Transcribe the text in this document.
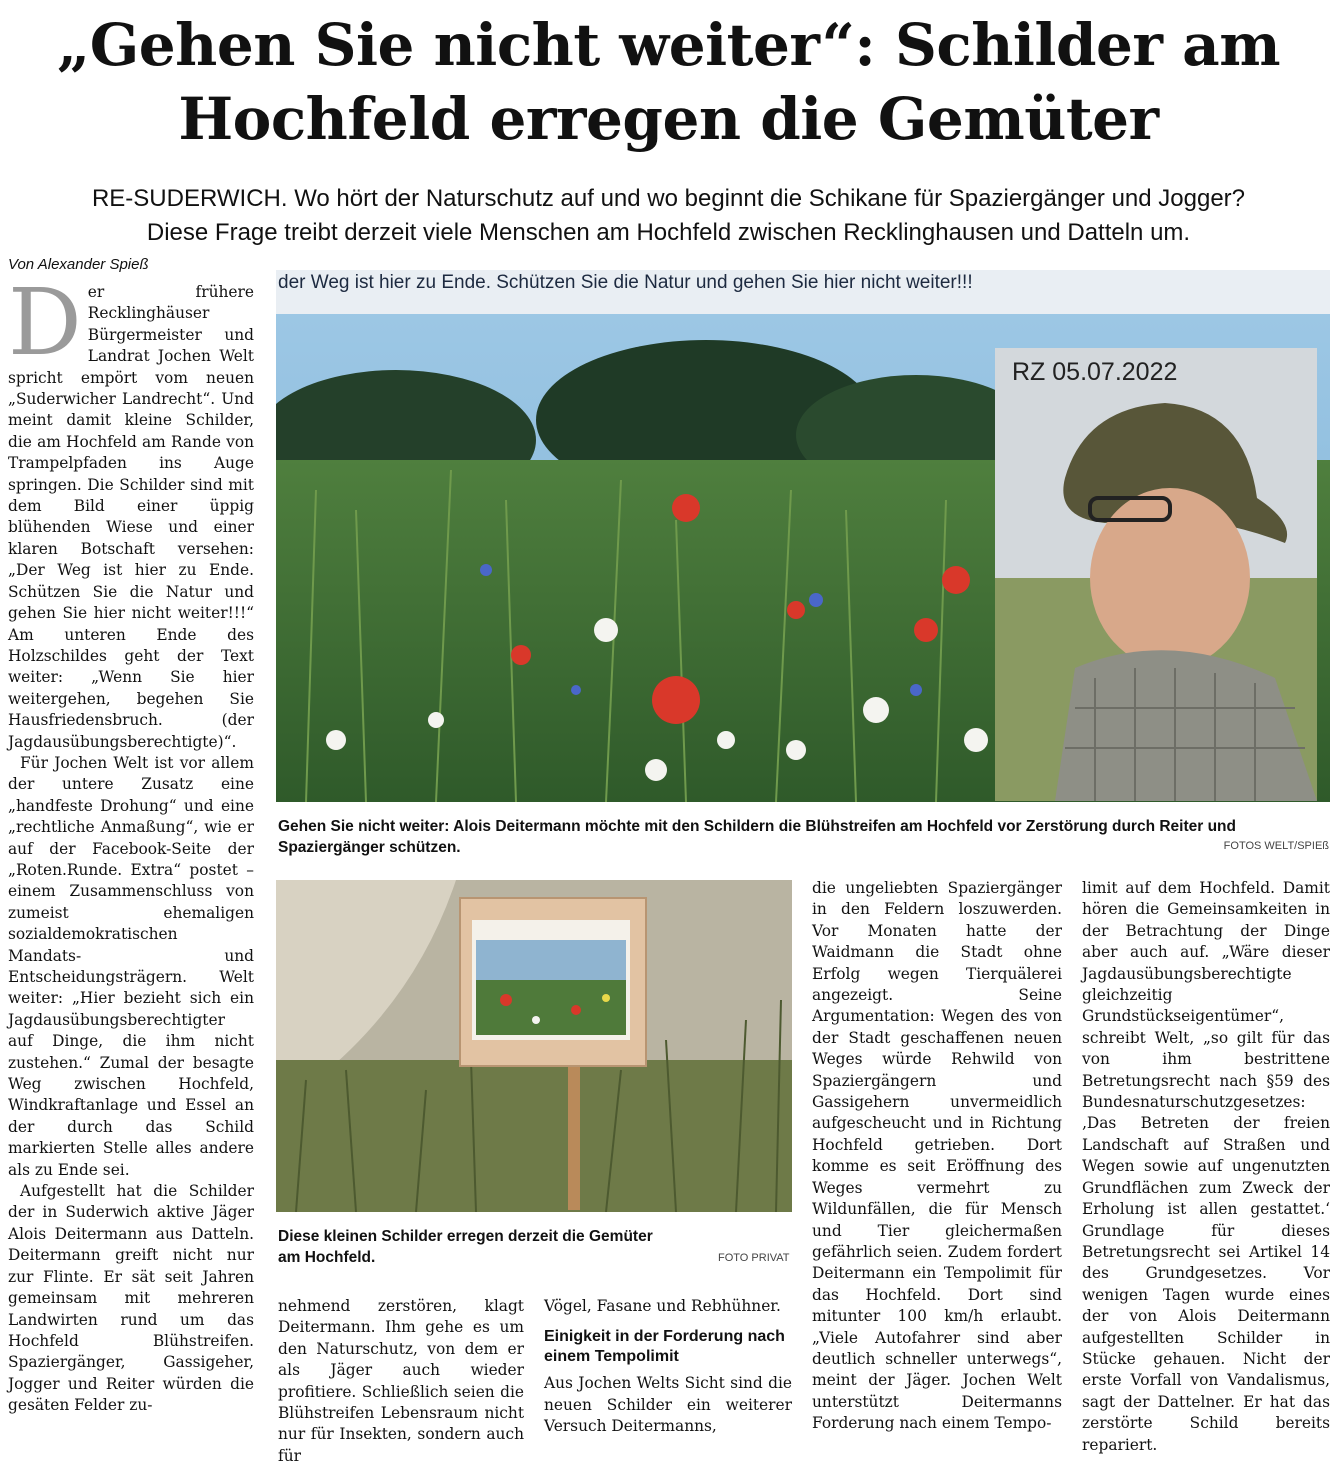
„Gehen Sie nicht weiter“: Schilder am
Hochfeld erregen die Gemüter
RE-SUDERWICH. Wo hört der Naturschutz auf und wo beginnt die Schikane für Spaziergänger und Jogger?
Diese Frage treibt derzeit viele Menschen am Hochfeld zwischen Recklinghausen und Datteln um.
Von Alexander Spieß
D er frühere Recklinghäuser Bürgermeister und Landrat Jochen Welt spricht empört vom neuen „Suderwicher Landrecht“. Und meint damit kleine Schilder, die am Hochfeld am Rande von Trampelpfaden ins Auge springen. Die Schilder sind mit dem Bild einer üppig blühenden Wiese und einer klaren Botschaft versehen: „Der Weg ist hier zu Ende. Schützen Sie die Natur und gehen Sie hier nicht weiter!!!“ Am unteren Ende des Holzschildes geht der Text weiter: „Wenn Sie hier weitergehen, begehen Sie Hausfriedensbruch. (der Jagdausübungsberechtigte)“.

Für Jochen Welt ist vor allem der untere Zusatz eine „handfeste Drohung“ und eine „rechtliche Anmaßung“, wie er auf der Facebook-Seite der „Roten.Runde. Extra“ postet – einem Zusammenschluss von zumeist ehemaligen sozialdemokratischen Mandats- und Entscheidungsträgern. Welt weiter: „Hier bezieht sich ein Jagdausübungsberechtigter auf Dinge, die ihm nicht zustehen.“ Zumal der besagte Weg zwischen Hochfeld, Windkraftanlage und Essel an der durch das Schild markierten Stelle alles andere als zu Ende sei.

Aufgestellt hat die Schilder der in Suderwich aktive Jäger Alois Deitermann aus Datteln. Deitermann greift nicht nur zur Flinte. Er sät seit Jahren gemeinsam mit mehreren Landwirten rund um das Hochfeld Blühstreifen. Spaziergänger, Gassigeher, Jogger und Reiter würden die gesäten Felder zu-

der Weg ist hier zu Ende. Schützen Sie die Natur und gehen Sie hier nicht weiter!!!
RZ 05.07.2022
Gehen Sie nicht weiter: Alois Deitermann möchte mit den Schildern die Blühstreifen am Hochfeld vor Zerstörung durch Reiter und Spaziergänger schützen.	FOTOS WELT/SPIEß
Diese kleinen Schilder erregen derzeit die Gemüter am Hochfeld.	FOTO PRIVAT

nehmend zerstören, klagt Deitermann. Ihm gehe es um den Naturschutz, von dem er als Jäger auch wieder profitiere. Schließlich seien die Blühstreifen Lebensraum nicht nur für Insekten, sondern auch für

Vögel, Fasane und Rebhühner.

Einigkeit in der Forderung nach einem Tempolimit

Aus Jochen Welts Sicht sind die neuen Schilder ein weiterer Versuch Deitermanns,

die ungeliebten Spaziergänger in den Feldern loszuwerden. Vor Monaten hatte der Waidmann die Stadt ohne Erfolg wegen Tierquälerei angezeigt. Seine Argumentation: Wegen des von der Stadt geschaffenen neuen Weges würde Rehwild von Spaziergängern und Gassigehern unvermeidlich aufgescheucht und in Richtung Hochfeld getrieben. Dort komme es seit Eröffnung des Weges vermehrt zu Wildunfällen, die für Mensch und Tier gleichermaßen gefährlich seien. Zudem fordert Deitermann ein Tempolimit für das Hochfeld. Dort sind mitunter 100 km/h erlaubt. „Viele Autofahrer sind aber deutlich schneller unterwegs“, meint der Jäger. Jochen Welt unterstützt Deitermanns Forderung nach einem Tempo-

limit auf dem Hochfeld. Damit hören die Gemeinsamkeiten in der Betrachtung der Dinge aber auch auf. „Wäre dieser Jagdausübungsberechtigte gleichzeitig Grundstückseigentümer“, schreibt Welt, „so gilt für das von ihm bestrittene Betretungsrecht nach §59 des Bundesnaturschutzgesetzes: ‚Das Betreten der freien Landschaft auf Straßen und Wegen sowie auf ungenutzten Grundflächen zum Zweck der Erholung ist allen gestattet.‘ Grundlage für dieses Betretungsrecht sei Artikel 14 des Grundgesetzes. Vor wenigen Tagen wurde eines der von Alois Deitermann aufgestellten Schilder in Stücke gehauen. Nicht der erste Vorfall von Vandalismus, sagt der Dattelner. Er hat das zerstörte Schild bereits repariert.
